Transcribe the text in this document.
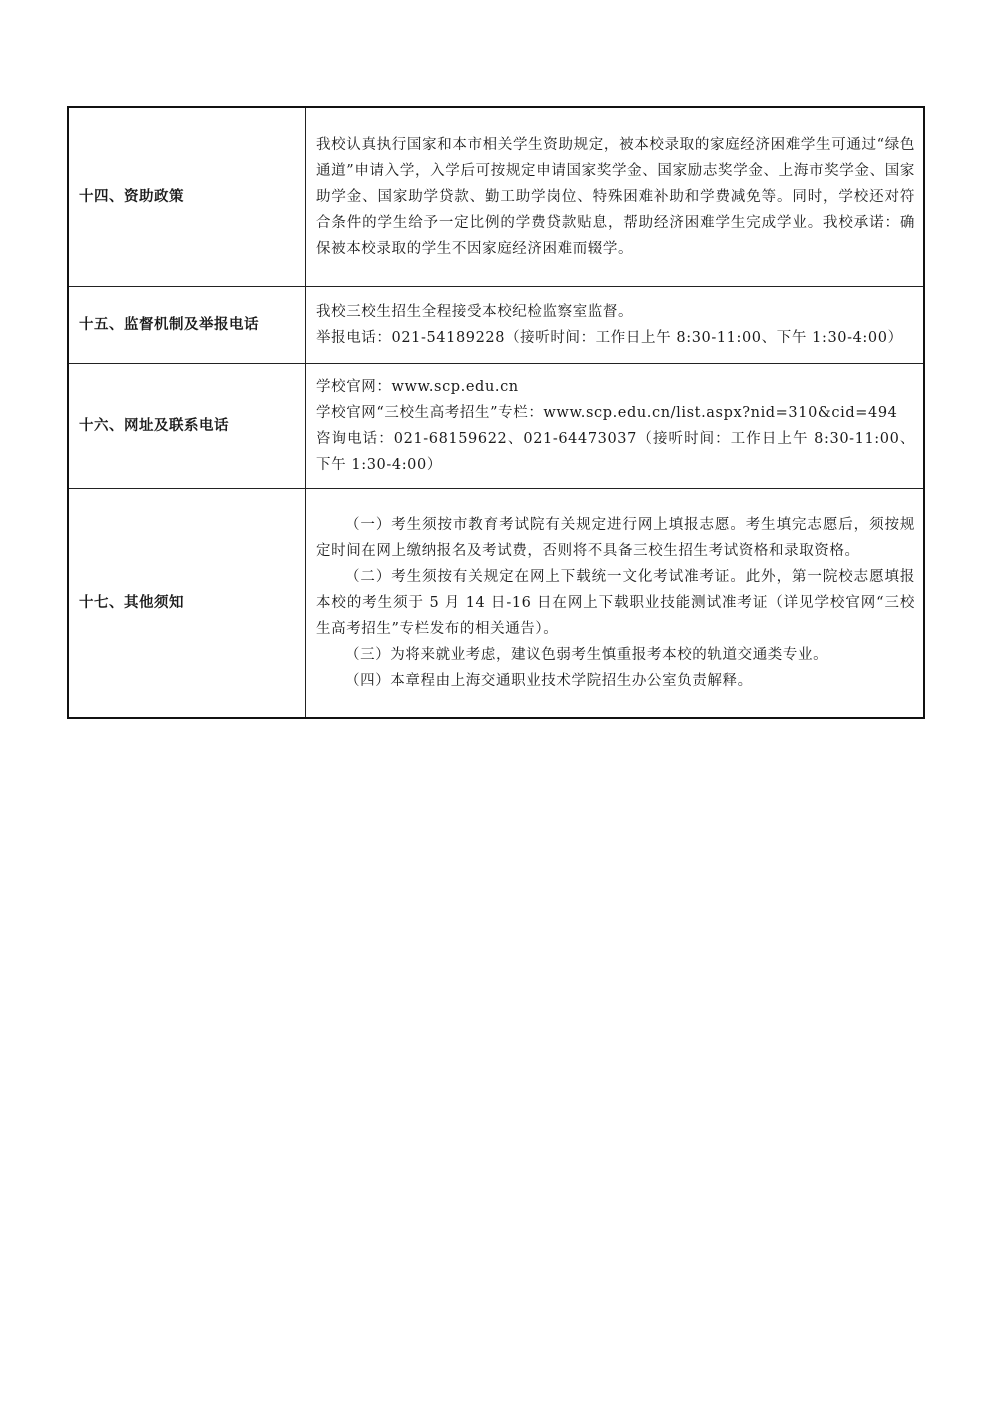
十四、资助政策	我校认真执行国家和本市相关学生资助规定，被本校录取的家庭经济困难学生可通过“绿色通道”申请入学，入学后可按规定申请国家奖学金、国家励志奖学金、上海市奖学金、国家助学金、国家助学贷款、勤工助学岗位、特殊困难补助和学费减免等。同时，学校还对符合条件的学生给予一定比例的学费贷款贴息，帮助经济困难学生完成学业。我校承诺：确保被本校录取的学生不因家庭经济困难而辍学。

十五、监督机制及举报电话	我校三校生招生全程接受本校纪检监察室监督。
举报电话：021-54189228（接听时间：工作日上午 8:30-11:00、下午 1:30-4:00）

十六、网址及联系电话	学校官网：www.scp.edu.cn
学校官网“三校生高考招生”专栏：www.scp.edu.cn/list.aspx?nid=310&cid=494
咨询电话：021-68159622、021-64473037（接听时间：工作日上午 8:30-11:00、下午 1:30-4:00）

十七、其他须知	（一）考生须按市教育考试院有关规定进行网上填报志愿。考生填完志愿后，须按规定时间在网上缴纳报名及考试费，否则将不具备三校生招生考试资格和录取资格。
（二）考生须按有关规定在网上下载统一文化考试准考证。此外，第一院校志愿填报本校的考生须于 5 月 14 日-16 日在网上下载职业技能测试准考证（详见学校官网“三校生高考招生”专栏发布的相关通告）。
（三）为将来就业考虑，建议色弱考生慎重报考本校的轨道交通类专业。
（四）本章程由上海交通职业技术学院招生办公室负责解释。
